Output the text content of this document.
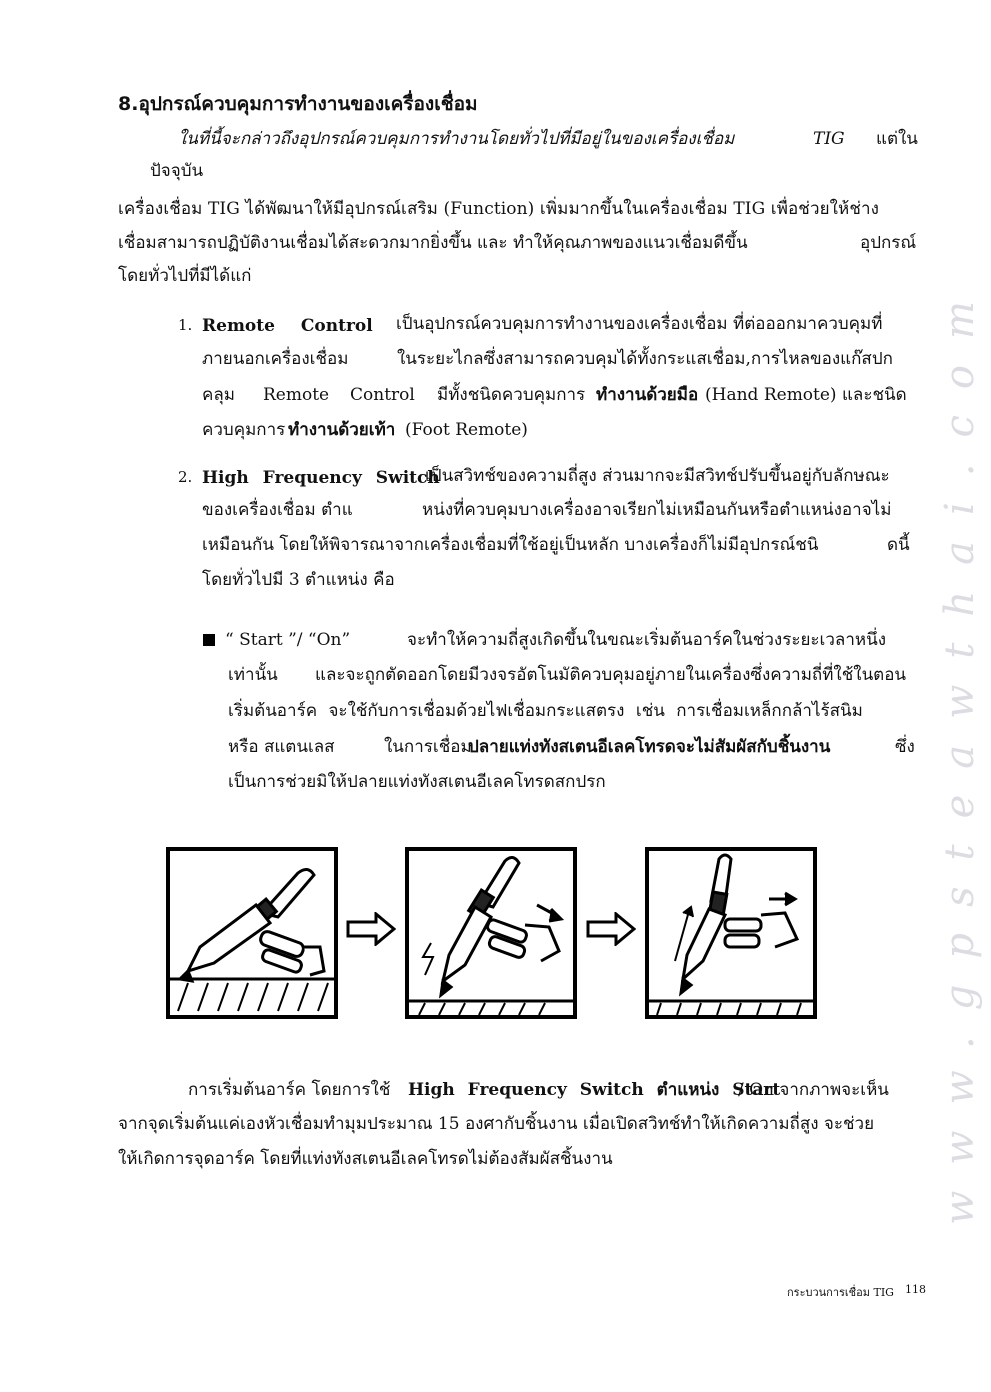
www.gpsteawthai.com
8.อุปกรณ์ควบคุมการทำงานของเครื่องเชื่อม
ในที่นี้จะกล่าวถึงอุปกรณ์ควบคุมการทำงานโดยทั่วไปที่มีอยู่ในของเครื่องเชื่อม	TIG แต่ใน
ปัจจุบัน
เครื่องเชื่อม TIG ได้พัฒนาให้มีอุปกรณ์เสริม (Function) เพิ่มมากขึ้นในเครื่องเชื่อม TIG เพื่อช่วยให้ช่าง
เชื่อมสามารถปฏิบัติงานเชื่อมได้สะดวกมากยิ่งขึ้น และ ทำให้คุณภาพของแนวเชื่อมดีขึ้น	อุปกรณ์
โดยทั่วไปที่มีได้แก่
1. Remote Control เป็นอุปกรณ์ควบคุมการทำงานของเครื่องเชื่อม ที่ต่อออกมาควบคุมที่
ภายนอกเครื่องเชื่อม	ในระยะไกลซึ่งสามารถควบคุมได้ทั้งกระแสเชื่อม,การไหลของแก๊สปก
คลุม Remote Control มีทั้งชนิดควบคุมการ ทำงานด้วยมือ (Hand Remote) และชนิด
ควบคุมการ ทำงานด้วยเท้า (Foot Remote)
2. High Frequency Switch
เป็นสวิทช์ของความถี่สูง ส่วนมากจะมีสวิทช์ปรับขึ้นอยู่กับลักษณะ
ของเครื่องเชื่อม ตำแ	หน่งที่ควบคุมบางเครื่องอาจเรียกไม่เหมือนกันหรือตำแหน่งอาจไม่
เหมือนกัน โดยให้พิจารณาจากเครื่องเชื่อมที่ใช้อยู่เป็นหลัก บางเครื่องก็ไม่มีอุปกรณ์ชนิ	ดนี้
โดยทั่วไปมี 3 ตำแหน่ง คือ
“ Start ”/ “On”	จะทำให้ความถี่สูงเกิดขึ้นในขณะเริ่มต้นอาร์คในช่วงระยะเวลาหนึ่ง
เท่านั้น และจะถูกตัดออกโดยมีวงจรอัตโนมัติควบคุมอยู่ภายในเครื่องซึ่งความถี่ที่ใช้ในตอน
เริ่มต้นอาร์ค จะใช้กับการเชื่อมด้วยไฟเชื่อมกระแสตรง เช่น การเชื่อมเหล็กกล้าไร้สนิม
หรือ สแตนเลส	ในการเชื่อม
ปลายแท่งทังสเตนอีเลคโทรดจะไม่สัมผัสกับชิ้นงาน	ซึ่ง
เป็นการช่วยมิให้ปลายแท่งทังสเตนอีเลคโทรดสกปรก
การเริ่มต้นอาร์ค โดยการใช้ High Frequency Switch ตำแหน่ง Start
/ On จากภาพจะเห็น
จากจุดเริ่มต้นแค่เองหัวเชื่อมทำมุมประมาณ 15 องศากับชิ้นงาน เมื่อเปิดสวิทช์ทำให้เกิดความถี่สูง จะช่วย
ให้เกิดการจุดอาร์ค โดยที่แท่งทังสเตนอีเลคโทรดไม่ต้องสัมผัสชิ้นงาน
กระบวนการเชื่อม TIG 118
